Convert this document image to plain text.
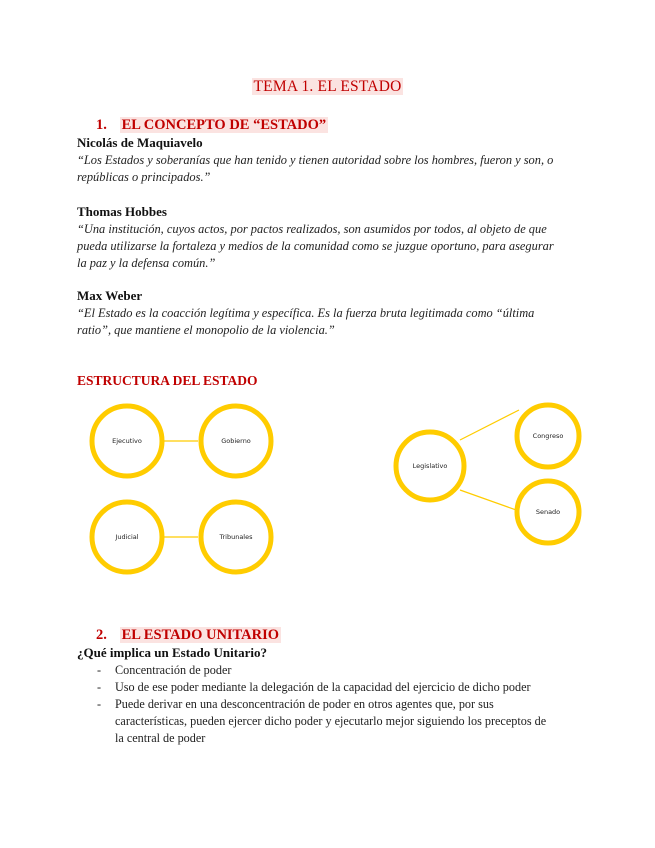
TEMA 1. EL ESTADO
1. EL CONCEPTO DE “ESTADO”
Nicolás de Maquiavelo
“Los Estados y soberanías que han tenido y tienen autoridad sobre los hombres, fueron y son, o
repúblicas o principados.”
Thomas Hobbes
“Una institución, cuyos actos, por pactos realizados, son asumidos por todos, al objeto de que
pueda utilizarse la fortaleza y medios de la comunidad como se juzgue oportuno, para asegurar
la paz y la defensa común.”
Max Weber
“El Estado es la coacción legítima y específica. Es la fuerza bruta legitimada como “última
ratio”, que mantiene el monopolio de la violencia.”
ESTRUCTURA DEL ESTADO
Ejecutivo	Gobierno
Judicial	Tribunales
Legislativo
Congreso
Senado
2. EL ESTADO UNITARIO
¿Qué implica un Estado Unitario?
- Concentración de poder
- Uso de ese poder mediante la delegación de la capacidad del ejercicio de dicho poder
- Puede derivar en una desconcentración de poder en otros agentes que, por sus
características, pueden ejercer dicho poder y ejecutarlo mejor siguiendo los preceptos de
la central de poder
